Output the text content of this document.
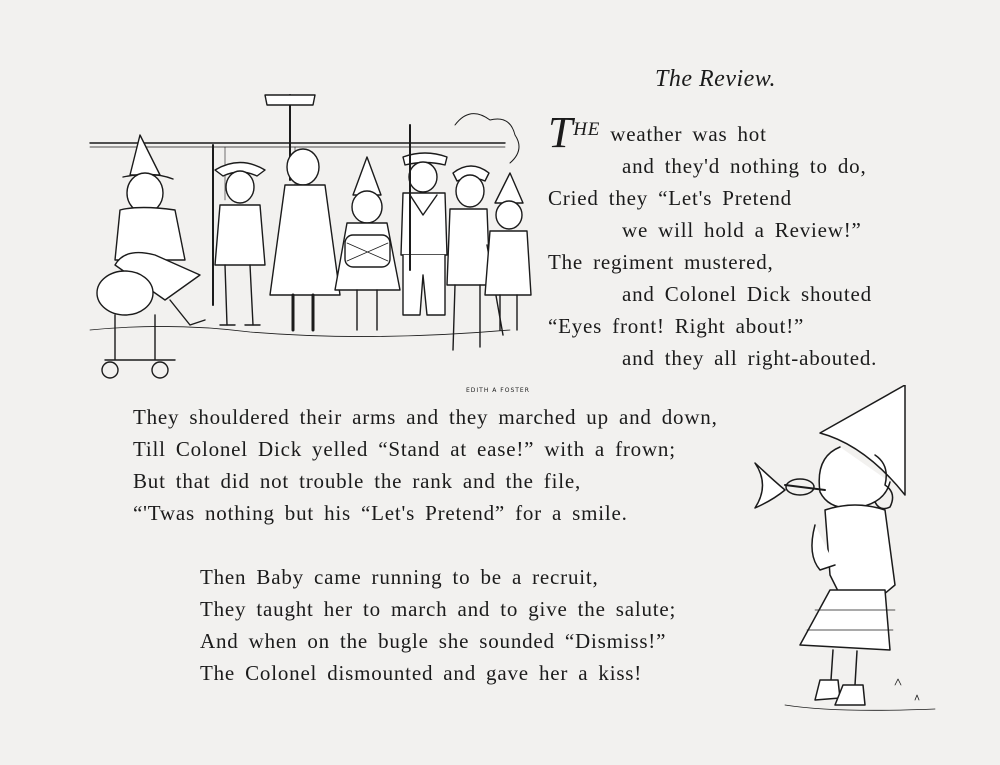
The Review.
EDITH A FOSTER
THE weather was hot
and they'd nothing to do,
Cried they “Let's Pretend
we will hold a Review!”
The regiment mustered,
and Colonel Dick shouted
“Eyes front! Right about!”
and they all right-abouted.
They shouldered their arms and they marched up and down,
Till Colonel Dick yelled “Stand at ease!” with a frown;
But that did not trouble the rank and the file,
“'Twas nothing but his “Let's Pretend” for a smile.
Then Baby came running to be a recruit,
They taught her to march and to give the salute;
And when on the bugle she sounded “Dismiss!”
The Colonel dismounted and gave her a kiss!
